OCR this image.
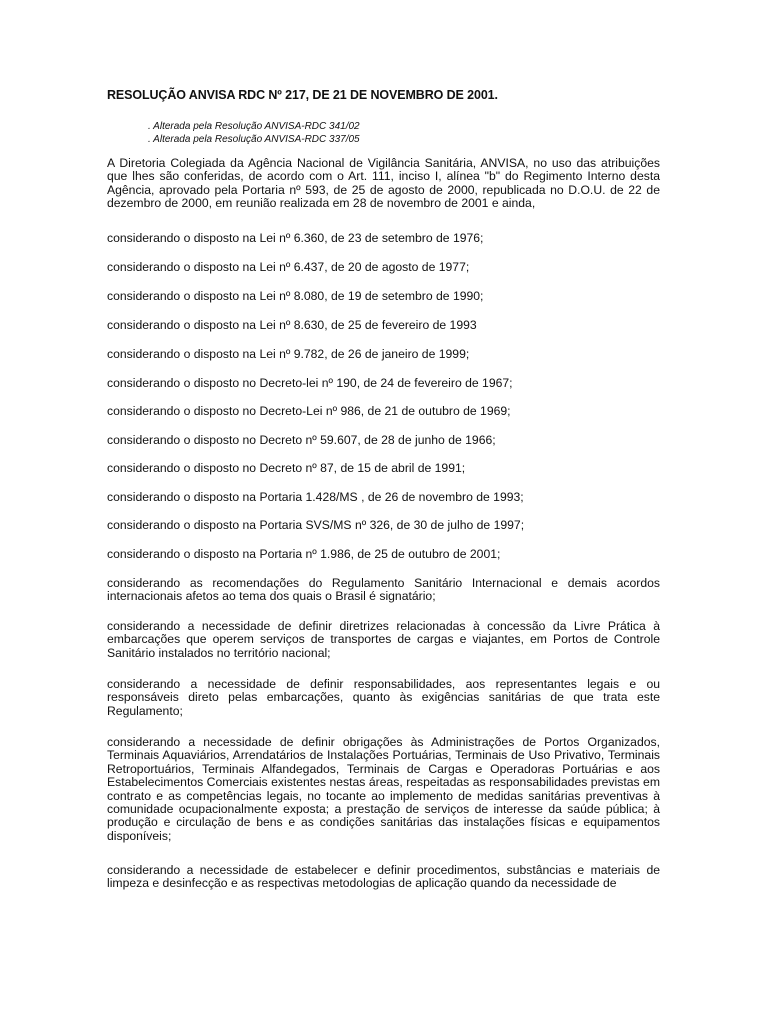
RESOLUÇÃO ANVISA RDC Nº 217, DE 21 DE NOVEMBRO DE 2001.
. Alterada pela Resolução ANVISA-RDC 341/02
. Alterada pela Resolução ANVISA-RDC 337/05

A Diretoria Colegiada da Agência Nacional de Vigilância Sanitária, ANVISA, no uso das atribuições que lhes são conferidas, de acordo com o Art. 111, inciso I, alínea "b" do Regimento Interno desta Agência, aprovado pela Portaria nº 593, de 25 de agosto de 2000, republicada no D.O.U. de 22 de dezembro de 2000, em reunião realizada em 28 de novembro de 2001 e ainda,

considerando o disposto na Lei nº 6.360, de 23 de setembro de 1976;

considerando o disposto na Lei nº 6.437, de 20 de agosto de 1977;

considerando o disposto na Lei nº 8.080, de 19 de setembro de 1990;

considerando o disposto na Lei nº 8.630, de 25 de fevereiro de 1993

considerando o disposto na Lei nº 9.782, de 26 de janeiro de 1999;

considerando o disposto no Decreto-lei nº 190, de 24 de fevereiro de 1967;

considerando o disposto no Decreto-Lei nº 986, de 21 de outubro de 1969;

considerando o disposto no Decreto nº 59.607, de 28 de junho de 1966;

considerando o disposto no Decreto nº 87, de 15 de abril de 1991;

considerando o disposto na Portaria 1.428/MS , de 26 de novembro de 1993;

considerando o disposto na Portaria SVS/MS nº 326, de 30 de julho de 1997;

considerando o disposto na Portaria nº 1.986, de 25 de outubro de 2001;

considerando as recomendações do Regulamento Sanitário Internacional e demais acordos internacionais afetos ao tema dos quais o Brasil é signatário;

considerando a necessidade de definir diretrizes relacionadas à concessão da Livre Prática à embarcações que operem serviços de transportes de cargas e viajantes, em Portos de Controle Sanitário instalados no território nacional;

considerando a necessidade de definir responsabilidades, aos representantes legais e ou responsáveis direto pelas embarcações, quanto às exigências sanitárias de que trata este Regulamento;

considerando a necessidade de definir obrigações às Administrações de Portos Organizados, Terminais Aquaviários, Arrendatários de Instalações Portuárias, Terminais de Uso Privativo, Terminais Retroportuários, Terminais Alfandegados, Terminais de Cargas e Operadoras Portuárias e aos Estabelecimentos Comerciais existentes nestas áreas, respeitadas as responsabilidades previstas em contrato e as competências legais, no tocante ao implemento de medidas sanitárias preventivas à comunidade ocupacionalmente exposta; a prestação de serviços de interesse da saúde pública; à produção e circulação de bens e as condições sanitárias das instalações físicas e equipamentos disponíveis;

considerando a necessidade de estabelecer e definir procedimentos, substâncias e materiais de limpeza e desinfecção e as respectivas metodologias de aplicação quando da necessidade de
